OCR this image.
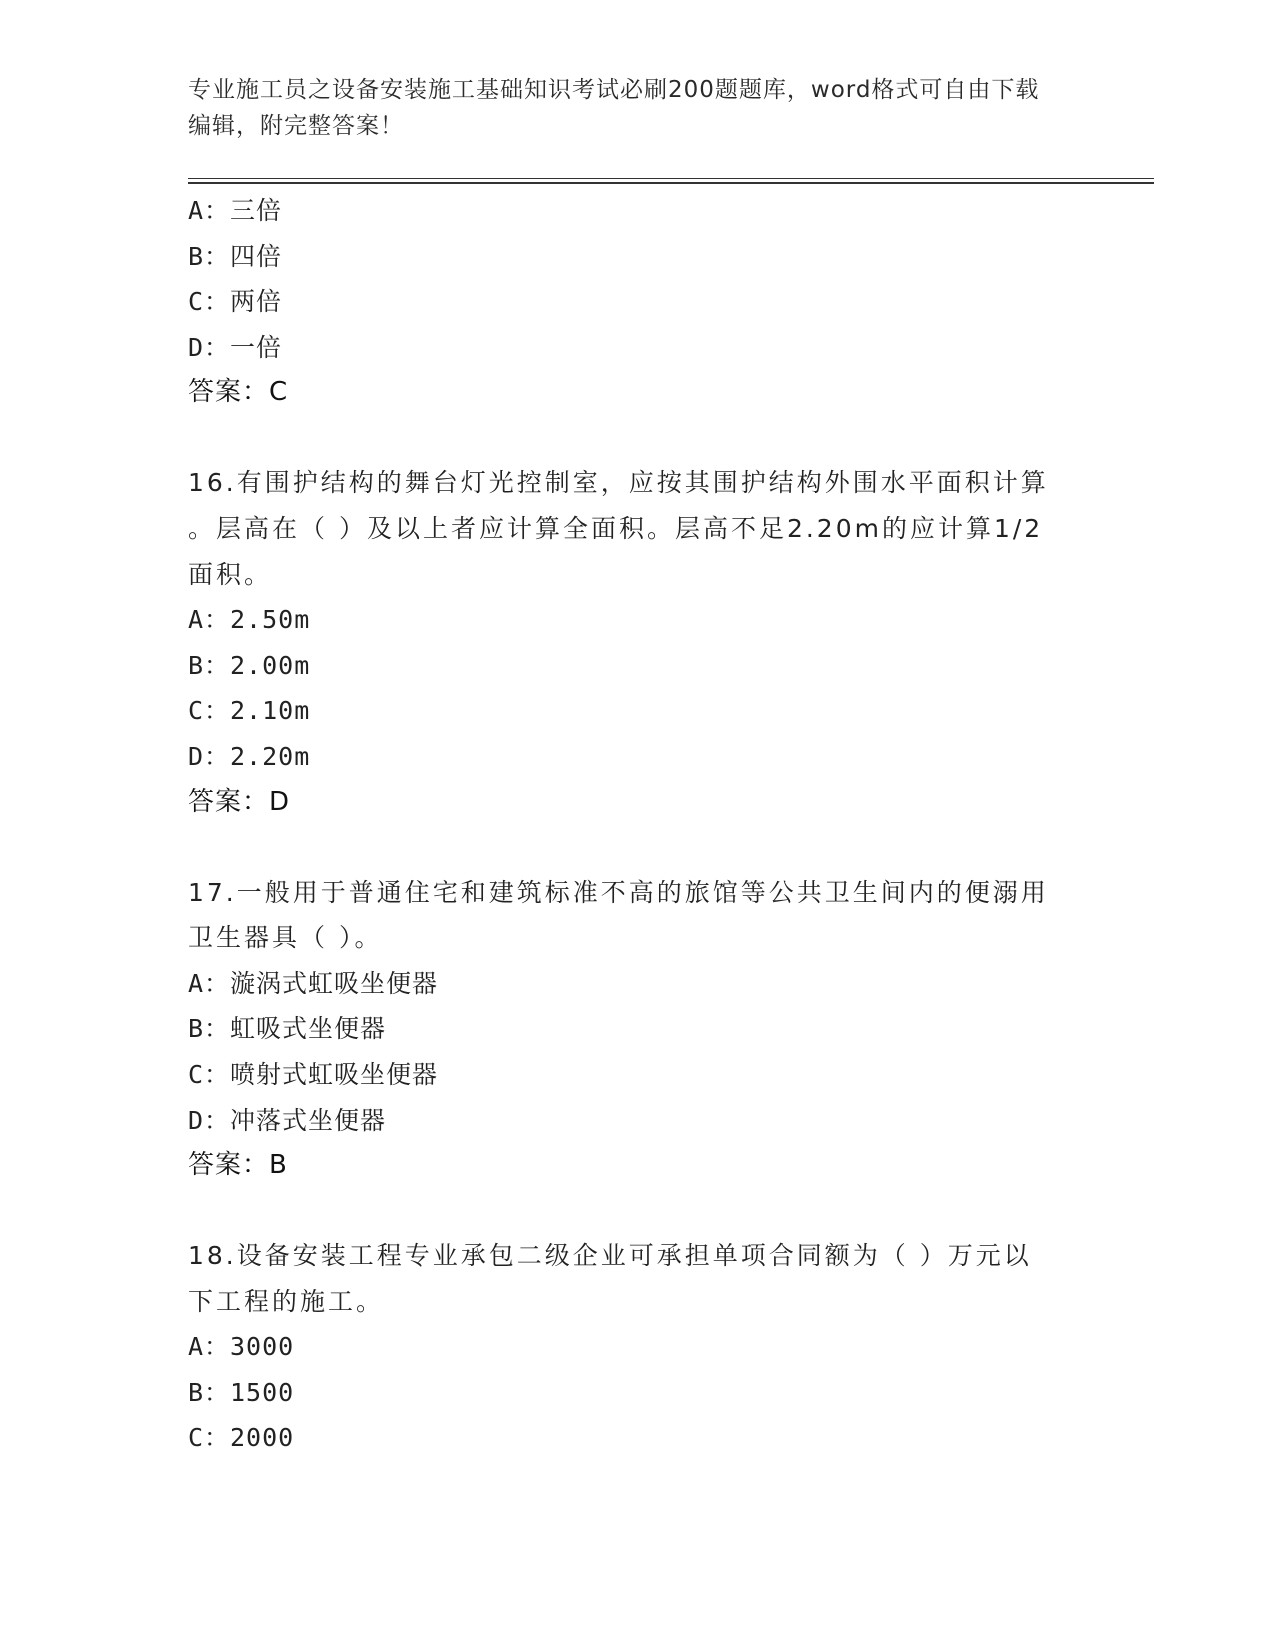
专业施工员之设备安装施工基础知识考试必刷200题题库，word格式可自由下载
编辑，附完整答案！
A：三倍
B：四倍
C：两倍
D：一倍
答案：C
16.有围护结构的舞台灯光控制室，应按其围护结构外围水平面积计算
。层高在（ ）及以上者应计算全面积。层高不足2.20m的应计算1/2
面积。
A：2.50m
B：2.00m
C：2.10m
D：2.20m
答案：D
17.一般用于普通住宅和建筑标准不高的旅馆等公共卫生间内的便溺用
卫生器具（ ）。
A：漩涡式虹吸坐便器
B：虹吸式坐便器
C：喷射式虹吸坐便器
D：冲落式坐便器
答案：B
18.设备安装工程专业承包二级企业可承担单项合同额为（ ）万元以
下工程的施工。
A：3000
B：1500
C：2000
